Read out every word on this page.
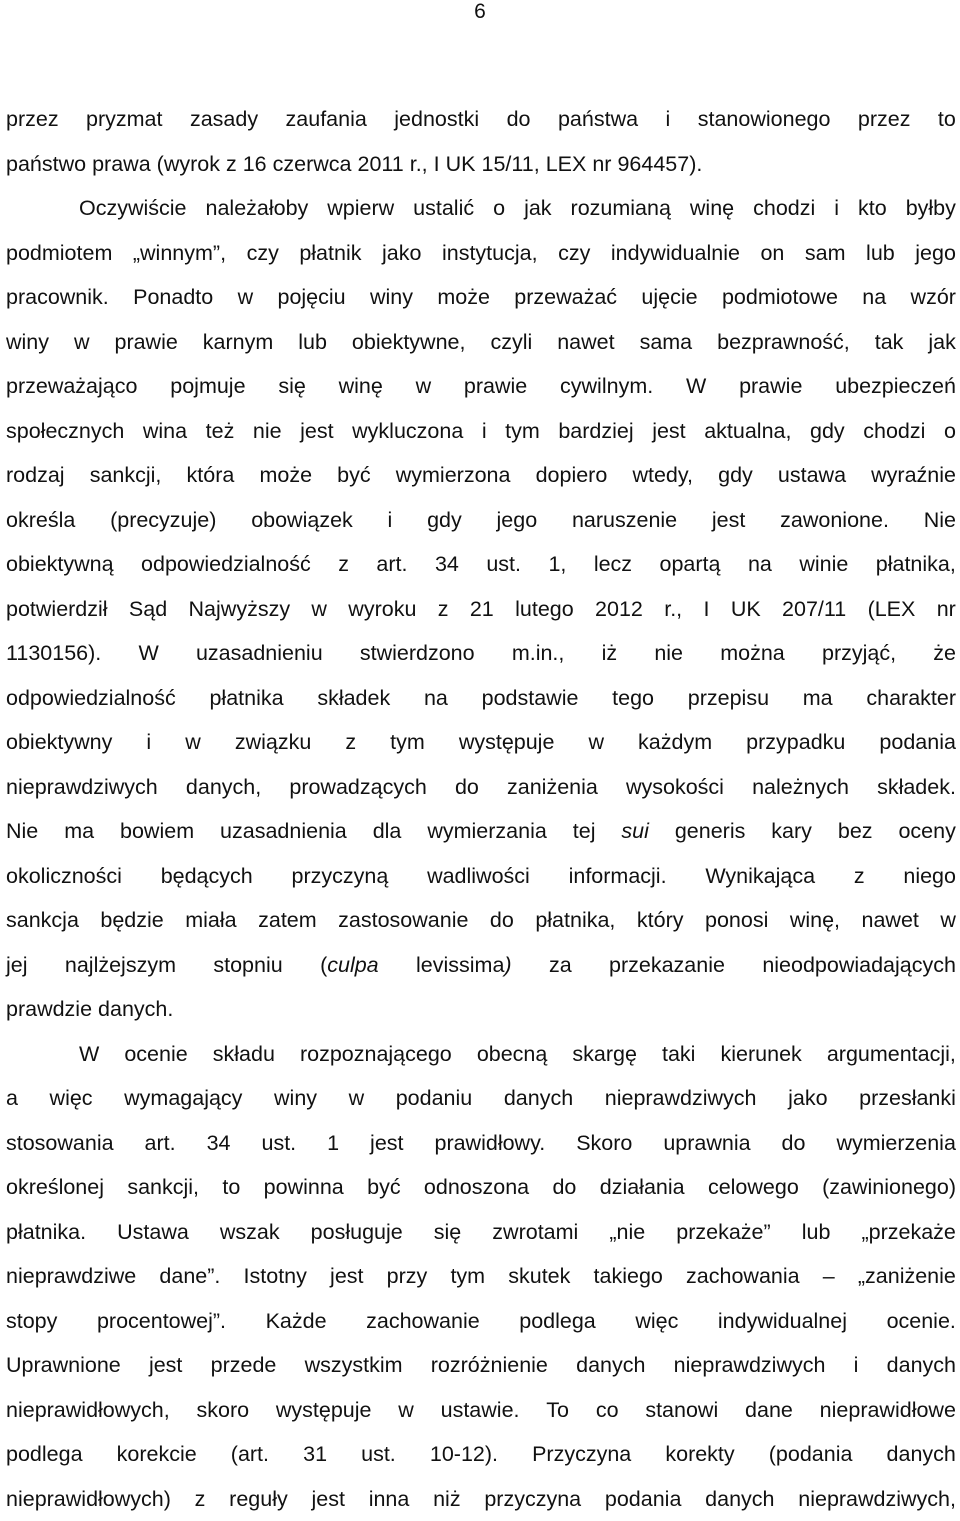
6
przez pryzmat zasady zaufania jednostki do państwa i stanowionego przez to
państwo prawa (wyrok z 16 czerwca 2011 r., I UK 15/11, LEX nr 964457).
Oczywiście należałoby wpierw ustalić o jak rozumianą winę chodzi i kto byłby
podmiotem „winnym”, czy płatnik jako instytucja, czy indywidualnie on sam lub jego
pracownik. Ponadto w pojęciu winy może przeważać ujęcie podmiotowe na wzór
winy w prawie karnym lub obiektywne, czyli nawet sama bezprawność, tak jak
przeważająco pojmuje się winę w prawie cywilnym. W prawie ubezpieczeń
społecznych wina też nie jest wykluczona i tym bardziej jest aktualna, gdy chodzi o
rodzaj sankcji, która może być wymierzona dopiero wtedy, gdy ustawa wyraźnie
określa (precyzuje) obowiązek i gdy jego naruszenie jest zawonione. Nie
obiektywną odpowiedzialność z art. 34 ust. 1, lecz opartą na winie płatnika,
potwierdził Sąd Najwyższy w wyroku z 21 lutego 2012 r., I UK 207/11 (LEX nr
1130156). W uzasadnieniu stwierdzono m.in., iż nie można przyjąć, że
odpowiedzialność płatnika składek na podstawie tego przepisu ma charakter
obiektywny i w związku z tym występuje w każdym przypadku podania
nieprawdziwych danych, prowadzących do zaniżenia wysokości należnych składek.
Nie ma bowiem uzasadnienia dla wymierzania tej sui generis kary bez oceny
okoliczności będących przyczyną wadliwości informacji. Wynikająca z niego
sankcja będzie miała zatem zastosowanie do płatnika, który ponosi winę, nawet w
jej najlżejszym stopniu (culpa levissima) za przekazanie nieodpowiadających
prawdzie danych.
W ocenie składu rozpoznającego obecną skargę taki kierunek argumentacji,
a więc wymagający winy w podaniu danych nieprawdziwych jako przesłanki
stosowania art. 34 ust. 1 jest prawidłowy. Skoro uprawnia do wymierzenia
określonej sankcji, to powinna być odnoszona do działania celowego (zawinionego)
płatnika. Ustawa wszak posługuje się zwrotami „nie przekaże” lub „przekaże
nieprawdziwe dane”. Istotny jest przy tym skutek takiego zachowania – „zaniżenie
stopy procentowej”. Każde zachowanie podlega więc indywidualnej ocenie.
Uprawnione jest przede wszystkim rozróżnienie danych nieprawdziwych i danych
nieprawidłowych, skoro występuje w ustawie. To co stanowi dane nieprawidłowe
podlega korekcie (art. 31 ust. 10-12). Przyczyna korekty (podania danych
nieprawidłowych) z reguły jest inna niż przyczyna podania danych nieprawdziwych,
